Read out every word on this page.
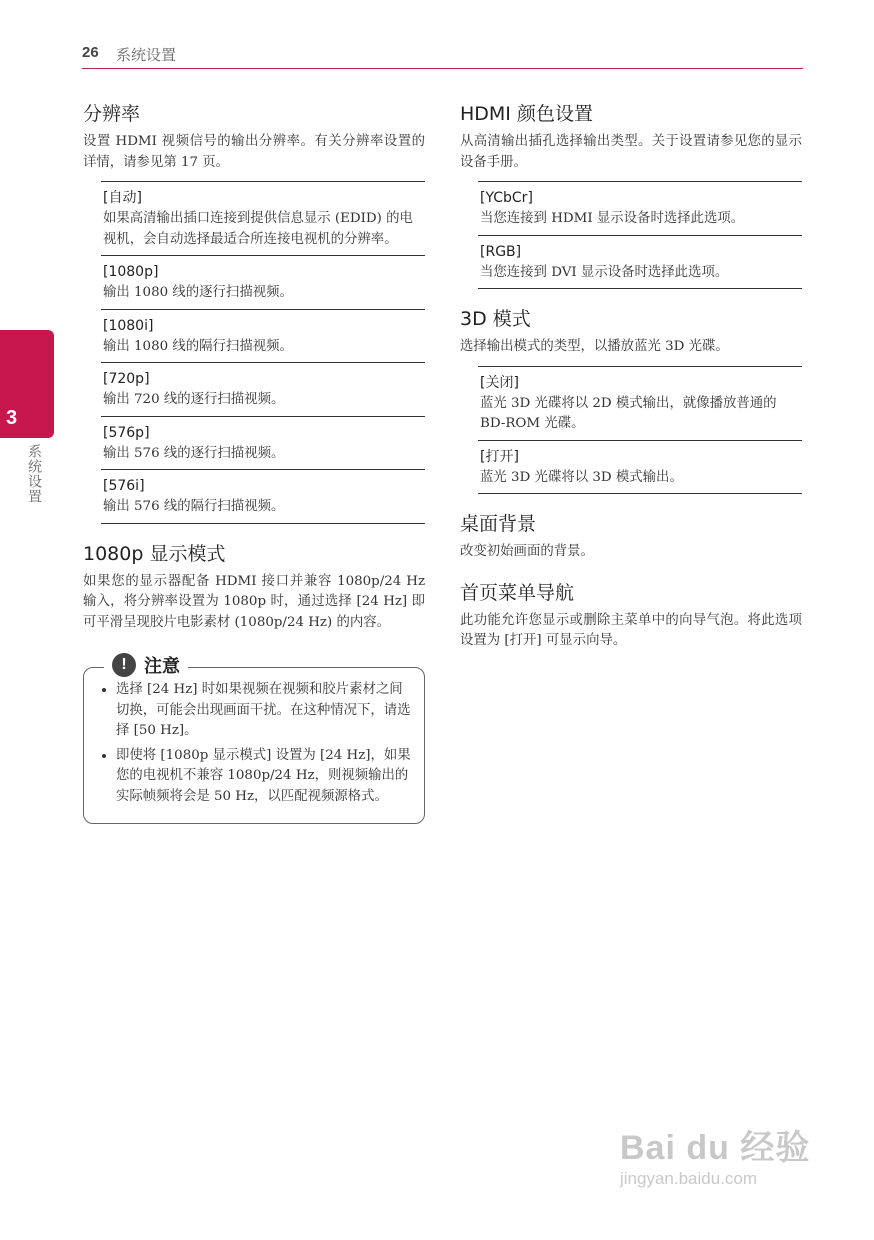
26 系统设置
3
系统设置
分辨率

设置 HDMI 视频信号的输出分辨率。有关分辨率设置的详情，请参见第 17 页。

[自动]
如果高清输出插口连接到提供信息显示 (EDID) 的电视机，会自动选择最适合所连接电视机的分辨率。
[1080p]
输出 1080 线的逐行扫描视频。
[1080i]
输出 1080 线的隔行扫描视频。
[720p]
输出 720 线的逐行扫描视频。
[576p]
输出 576 线的逐行扫描视频。
[576i]
输出 576 线的隔行扫描视频。
1080p 显示模式

如果您的显示器配备 HDMI 接口并兼容 1080p/24 Hz 输入，将分辨率设置为 1080p 时，通过选择 [24 Hz] 即可平滑呈现胶片电影素材 (1080p/24 Hz) 的内容。

! 注意
• 选择 [24 Hz] 时如果视频在视频和胶片素材之间切换，可能会出现画面干扰。在这种情况下，请选择 [50 Hz]。
• 即使将 [1080p 显示模式] 设置为 [24 Hz]，如果您的电视机不兼容 1080p/24 Hz，则视频输出的实际帧频将会是 50 Hz，以匹配视频源格式。
HDMI 颜色设置

从高清输出插孔选择输出类型。关于设置请参见您的显示设备手册。

[YCbCr]
当您连接到 HDMI 显示设备时选择此选项。
[RGB]
当您连接到 DVI 显示设备时选择此选项。
3D 模式

选择输出模式的类型，以播放蓝光 3D 光碟。

[关闭]
蓝光 3D 光碟将以 2D 模式输出，就像播放普通的 BD-ROM 光碟。
[打开]
蓝光 3D 光碟将以 3D 模式输出。
桌面背景

改变初始画面的背景。

首页菜单导航

此功能允许您显示或删除主菜单中的向导气泡。将此选项设置为 [打开] 可显示向导。

Bai du 经验
jingyan.baidu.com
